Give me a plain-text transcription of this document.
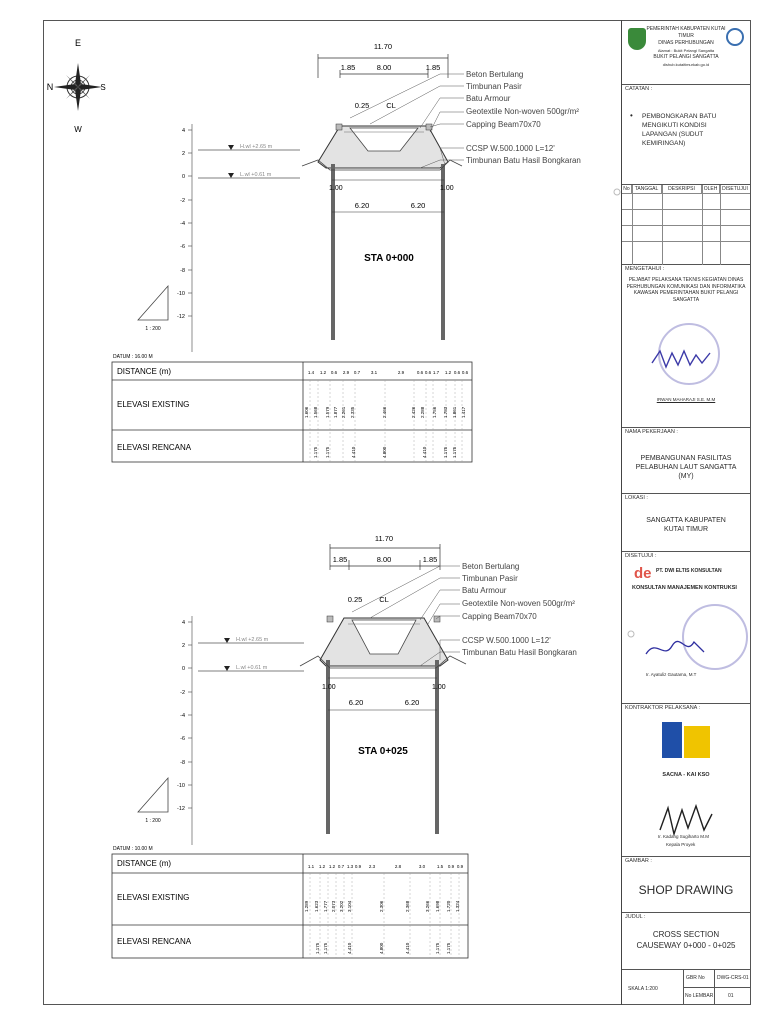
E
N	S
W
11.70
1.85	8.00	1.85
0.25 CL
4
2
0
-2
-4
-6
-8
-10
-12
H.wl +2.65 m
L.wl +0.61 m
1.00	1.00
6.20	6.20
STA 0+000
Beton Bertulang
Timbunan Pasir
Batu Armour
Geotextile Non-woven 500gr/m²
Capping Beam70x70
CCSP W.500.1000 L=12'
Timbunan Batu Hasil Bongkaran
1 : 200
DATUM : 16.00 M
DISTANCE (m)
ELEVASI EXISTING
ELEVASI RENCANA
1.4 1.2 0.6 2.9 0.7 3.1	2.9	0.6 0.6 1.7 1.2 0.6 0.6
1.606 1.568 1.579 1.877 2.261 2.335	2.466	2.426 2.288 1.756 1.783 1.861 1.417
1.175 1.175	4.410	4.800	4.410	1.175 1.175
11.70
1.85	8.00	1.85
0.25 CL
4
2
0
-2
-4
-6
-8
-10
-12
H.wl +2.65 m
L.wl +0.61 m
1.00	1.00
6.20	6.20
STA 0+025
Beton Bertulang
Timbunan Pasir
Batu Armour
Geotextile Non-woven 500gr/m²
Capping Beam70x70
CCSP W.500.1000 L=12'
Timbunan Batu Hasil Bongkaran
1 : 200
DATUM : 10.00 M
DISTANCE (m)
ELEVASI EXISTING
ELEVASI RENCANA
1.1 1.2 1.2 0.7 1.3 0.9 2.3	2.8	3.0	1.5 0.9 0.9
1.289 1.623 1.777 2.073 3.202 3.104	2.306	2.368	3.266 1.698 1.720 1.324
1.175 1.175	4.410	4.800	4.410	1.175 1.175
PEMERINTAH KABUPATEN KUTAI TIMUR
DINAS PERHUBUNGAN
Alamat : Bukit Pelangi Sangatta
BUKIT PELANGI SANGATTA
dishub.kutaitimurkab.go.id
CATATAN :
• PEMBONGKARAN BATU MENGIKUTI KONDISI LAPANGAN (SUDUT KEMIRINGAN)
No	TANGGAL	DESKRIPSI	OLEH DISETUJUI
MENGETAHUI :
PEJABAT PELAKSANA TEKNIS KEGIATAN DINAS PERHUBUNGAN KOMUNIKASI DAN INFORMATIKA KAWASAN PEMERINTAHAN BUKIT PELANGI SANGATTA
IRWAN MAHARAJI S.E. M.M
NAMA PEKERJAAN :
PEMBANGUNAN FASILITAS PELABUHAN LAUT SANGATTA (MY)
LOKASI :
SANGATTA KABUPATEN KUTAI TIMUR
DISETUJUI :
de PT. DWI ELTIS KONSULTAN
KONSULTAN MANAJEMEN KONTRUKSI
Ir. Ayatuliz Gautama, M.T
KONTRAKTOR PELAKSANA :
SACNA - KAI KSO
Ir. Kadang Sugiharto M.M
Kepala Proyek
GAMBAR :
SHOP DRAWING
JUDUL :
CROSS SECTION CAUSEWAY 0+000 - 0+025
SKALA 1:200
GBR No DWG-CRS-01
No LEMBAR	01
